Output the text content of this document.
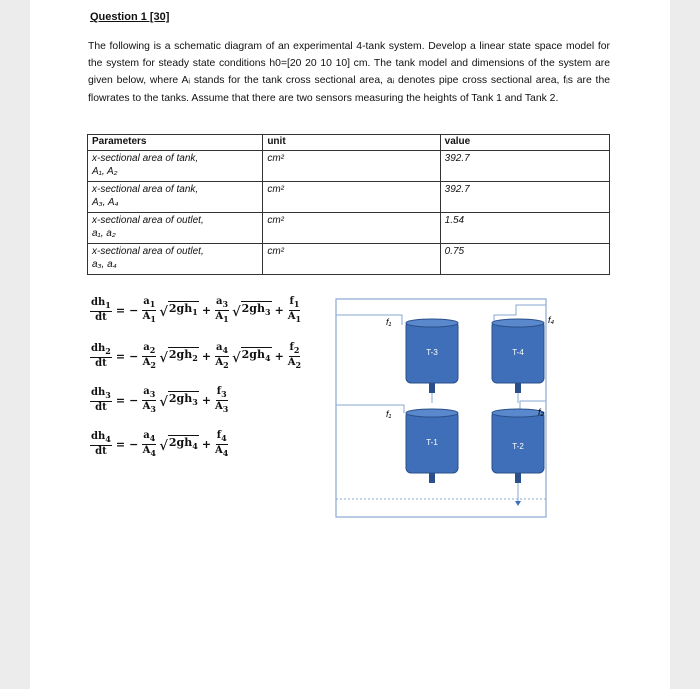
Question 1 [30]
The following is a schematic diagram of an experimental 4-tank system. Develop a linear state space model for the system for steady state conditions h0=[20 20 10 10] cm. The tank model and dimensions of the system are given below, where Aᵢ stands for the tank cross sectional area, aᵢ denotes pipe cross sectional area, fᵢs are the flowrates to the tanks. Assume that there are two sensors measuring the heights of Tank 1 and Tank 2.
Parameters	unit	value
x-sectional area of tank,
A₁, A₂	cm²	392.7
x-sectional area of tank,
A₃, A₄	cm²	392.7
x-sectional area of outlet,
a₁, a₂	cm²	1.54
x-sectional area of outlet,
a₃, a₄	cm²	0.75
$\frac{dh_1}{dt}$ = − $\frac{a_1}{A_1}$ √ $2gh_1 + \frac{a_3}{A_1}$ √ $2gh_3 + \frac{f_1}{A_1}$
$\frac{dh_2}{dt}$ = − $\frac{a_2}{A_2}$ √ $2gh_2 + \frac{a_4}{A_2}$ √ $2gh_4 + \frac{f_2}{A_2}$
$\frac{dh_3}{dt}$ = − $\frac{a_3}{A_3}$ √ $2gh_3 + \frac{f_3}{A_3}$
$\frac{dh_4}{dt}$ = − $\frac{a_4}{A_4}$ √ $2gh_4 + \frac{f_4}{A_4}$
T-3	T-4
T-1	T-2
f₁	f₄
f₁	f₂
